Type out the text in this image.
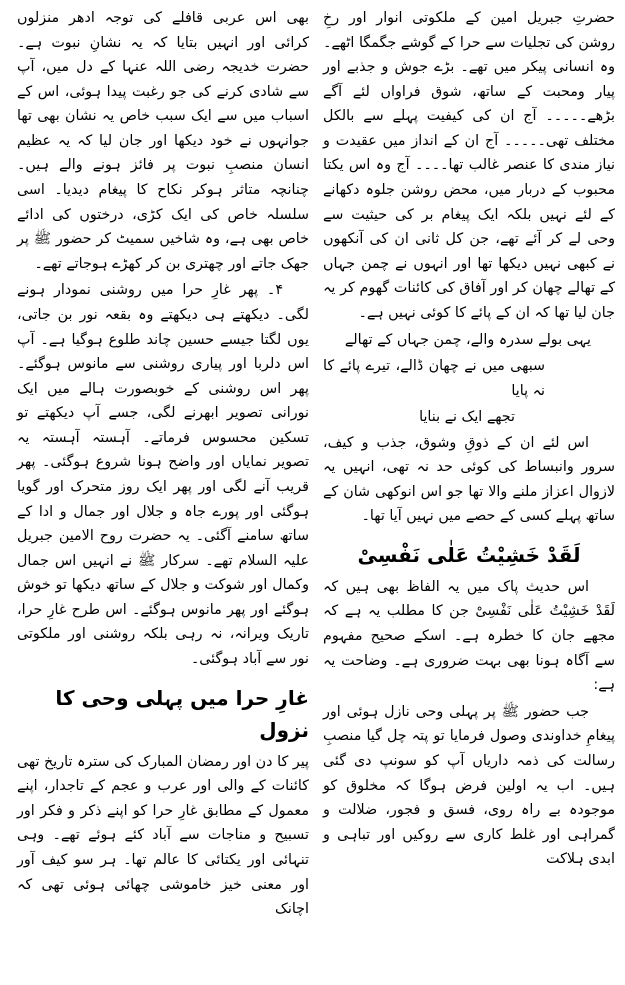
حضرتِ جبریل امین کے ملکوتی انوار اور رخِ روشن کی تجلیات سے حرا کے گوشے جگمگا اٹھے۔ وہ انسانی پیکر میں تھے۔ بڑے جوش و جذبے اور پیار ومحبت کے ساتھ، شوق فراواں لئے آگے بڑھے۔۔۔۔۔ آج ان کی کیفیت پہلے سے بالکل مختلف تھی۔۔۔۔۔ آج ان کے انداز میں عقیدت و نیاز مندی کا عنصر غالب تھا۔۔۔۔ آج وہ اس یکتا محبوب کے دربار میں، محض روشن جلوہ دکھانے کے لئے نہیں بلکہ ایک پیغام بر کی حیثیت سے وحی لے کر آئے تھے، جن کل ثانی ان کی آنکھوں نے کبھی نہیں دیکھا تھا اور انہوں نے چمن جہاں کے تھالے چھان کر اور آفاق کی کائنات گھوم کر یہ جان لیا تھا کہ ان کے پائے کا کوئی نہیں ہے۔

یہی بولے سدرہ والے، چمن جہاں کے تھالے
سبھی میں نے چھان ڈالے، تیرے پائے کا نہ پایا
تجھے ایک نے بنایا

اس لئے ان کے ذوقِ وشوق، جذب و کیف، سرور وانبساط کی کوئی حد نہ تھی، انہیں یہ لازوال اعزاز ملنے والا تھا جو اس انوکھی شان کے ساتھ پہلے کسی کے حصے میں نہیں آیا تھا۔

لَقَدْ خَشِيْتُ عَلٰى نَفْسِىْ

اس حدیث پاک میں یہ الفاظ بھی ہیں کہ لَقَدْ خَشِيْتُ عَلٰى نَفْسِىْ جن کا مطلب یہ ہے کہ مجھے جان کا خطرہ ہے۔ اسکے صحیح مفہوم سے آگاہ ہونا بھی بہت ضروری ہے۔ وضاحت یہ ہے:

جب حضور ﷺ پر پہلی وحی نازل ہوئی اور پیغامِ خداوندی وصول فرمایا تو پتہ چل گیا منصبِ رسالت کی ذمہ داریاں آپ کو سونپ دی گئی ہیں۔ اب یہ اولین فرض ہوگا کہ مخلوق کو موجودہ بے راہ روی، فسق و فجور، ضلالت و گمراہی اور غلط کاری سے روکیں اور تباہی و ابدی ہلاکت

بھی اس عربی قافلے کی توجہ ادھر منزلوں کرائی اور انہیں بتایا کہ یہ نشانِ نبوت ہے۔ حضرت خدیجہ رضی اللہ عنہا کے دل میں، آپ سے شادی کرنے کی جو رغبت پیدا ہوئی، اس کے اسباب میں سے ایک سبب خاص یہ نشان بھی تھا جوانہوں نے خود دیکھا اور جان لیا کہ یہ عظیم انسان منصبِ نبوت پر فائز ہونے والے ہیں۔ چنانچہ متاثر ہوکر نکاح کا پیغام دیدیا۔ اسی سلسلہ خاص کی ایک کڑی، درختوں کی ادائے خاص بھی ہے، وہ شاخیں سمیٹ کر حضور ﷺ پر جھک جاتے اور چھتری بن کر کھڑے ہوجاتے تھے۔

۴۔ پھر غارِ حرا میں روشنی نمودار ہونے لگی۔ دیکھتے ہی دیکھتے وہ بقعہ نور بن جاتی، یوں لگتا جیسے حسین چاند طلوع ہوگیا ہے۔ آپ اس دلربا اور پیاری روشنی سے مانوس ہوگئے۔ پھر اس روشنی کے خوبصورت ہالے میں ایک نورانی تصویر ابھرنے لگی، جسے آپ دیکھتے تو تسکین محسوس فرماتے۔ آہستہ آہستہ یہ تصویر نمایاں اور واضح ہونا شروع ہوگئی۔ پھر قریب آنے لگی اور پھر ایک روز متحرک اور گویا ہوگئی اور پورے جاہ و جلال اور جمال و ادا کے ساتھ سامنے آگئی۔ یہ حضرت روح الامین جبریل علیہ السلام تھے۔ سرکار ﷺ نے انہیں اس جمال وکمال اور شوکت و جلال کے ساتھ دیکھا تو خوش ہوگئے اور پھر مانوس ہوگئے۔ اس طرح غارِ حرا، تاریک ویرانہ، نہ رہی بلکہ روشنی اور ملکوتی نور سے آباد ہوگئی۔

غارِ حرا میں پہلی وحی کا نزول

پیر کا دن اور رمضان المبارک کی سترہ تاریخ تھی کائنات کے والی اور عرب و عجم کے تاجدار، اپنے معمول کے مطابق غارِ حرا کو اپنے ذکر و فکر اور تسبیح و مناجات سے آباد کئے ہوئے تھے۔ وہی تنہائی اور یکتائی کا عالم تھا۔ ہر سو کیف آور اور معنی خیز خاموشی چھائی ہوئی تھی کہ اچانک
